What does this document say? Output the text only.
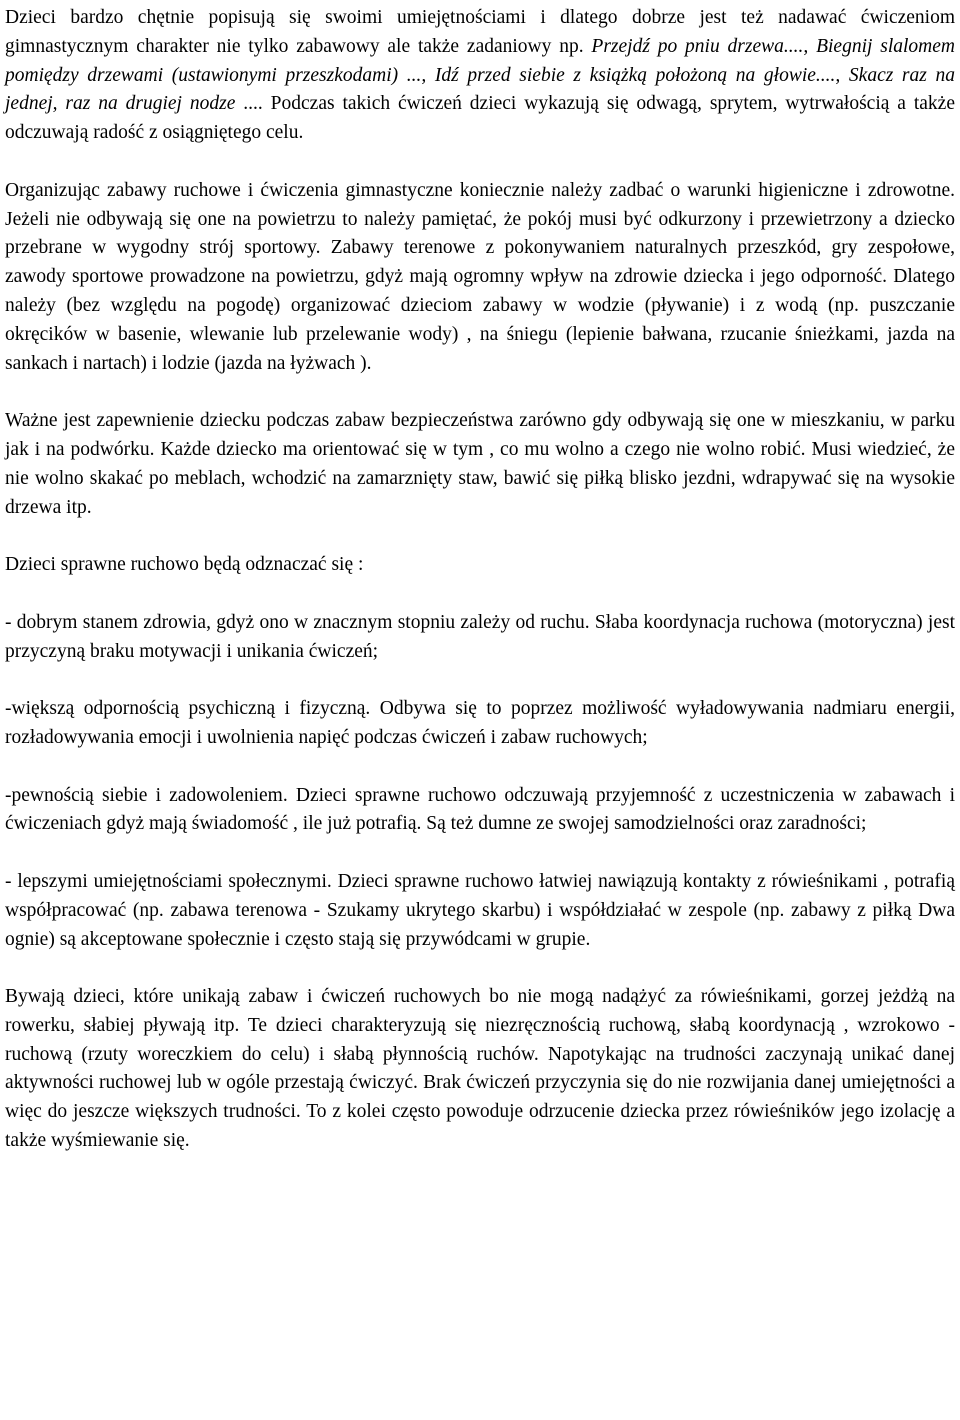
Dzieci bardzo chętnie popisują się swoimi umiejętnościami i dlatego dobrze jest też nadawać ćwiczeniom gimnastycznym charakter nie tylko zabawowy ale także zadaniowy np. Przejdź po pniu drzewa...., Biegnij slalomem pomiędzy drzewami (ustawionymi przeszkodami) ..., Idź przed siebie z książką położoną na głowie...., Skacz raz na jednej, raz na drugiej nodze .... Podczas takich ćwiczeń dzieci wykazują się odwagą, sprytem, wytrwałością a także odczuwają radość z osiągniętego celu.

Organizując zabawy ruchowe i ćwiczenia gimnastyczne koniecznie należy zadbać o warunki higieniczne i zdrowotne. Jeżeli nie odbywają się one na powietrzu to należy pamiętać, że pokój musi być odkurzony i przewietrzony a dziecko przebrane w wygodny strój sportowy. Zabawy terenowe z pokonywaniem naturalnych przeszkód, gry zespołowe, zawody sportowe prowadzone na powietrzu, gdyż mają ogromny wpływ na zdrowie dziecka i jego odporność. Dlatego należy (bez względu na pogodę) organizować dzieciom zabawy w wodzie (pływanie) i z wodą (np. puszczanie okręcików w basenie, wlewanie lub przelewanie wody) , na śniegu (lepienie bałwana, rzucanie śnieżkami, jazda na sankach i nartach) i lodzie (jazda na łyżwach ).

Ważne jest zapewnienie dziecku podczas zabaw bezpieczeństwa zarówno gdy odbywają się one w mieszkaniu, w parku jak i na podwórku. Każde dziecko ma orientować się w tym , co mu wolno a czego nie wolno robić. Musi wiedzieć, że nie wolno skakać po meblach, wchodzić na zamarznięty staw, bawić się piłką blisko jezdni, wdrapywać się na wysokie drzewa itp.

Dzieci sprawne ruchowo będą odznaczać się :

- dobrym stanem zdrowia, gdyż ono w znacznym stopniu zależy od ruchu. Słaba koordynacja ruchowa (motoryczna) jest przyczyną braku motywacji i unikania ćwiczeń;

-większą odpornością psychiczną i fizyczną. Odbywa się to poprzez możliwość wyładowywania nadmiaru energii, rozładowywania emocji i uwolnienia napięć podczas ćwiczeń i zabaw ruchowych;

-pewnością siebie i zadowoleniem. Dzieci sprawne ruchowo odczuwają przyjemność z uczestniczenia w zabawach i ćwiczeniach gdyż mają świadomość , ile już potrafią. Są też dumne ze swojej samodzielności oraz zaradności;

- lepszymi umiejętnościami społecznymi. Dzieci sprawne ruchowo łatwiej nawiązują kontakty z rówieśnikami , potrafią współpracować (np. zabawa terenowa - Szukamy ukrytego skarbu) i współdziałać w zespole (np. zabawy z piłką Dwa ognie) są akceptowane społecznie i często stają się przywódcami w grupie.

Bywają dzieci, które unikają zabaw i ćwiczeń ruchowych bo nie mogą nadążyć za rówieśnikami, gorzej jeżdżą na rowerku, słabiej pływają itp. Te dzieci charakteryzują się niezręcznością ruchową, słabą koordynacją , wzrokowo - ruchową (rzuty woreczkiem do celu) i słabą płynnością ruchów. Napotykając na trudności zaczynają unikać danej aktywności ruchowej lub w ogóle przestają ćwiczyć. Brak ćwiczeń przyczynia się do nie rozwijania danej umiejętności a więc do jeszcze większych trudności. To z kolei często powoduje odrzucenie dziecka przez rówieśników jego izolację a także wyśmiewanie się.
